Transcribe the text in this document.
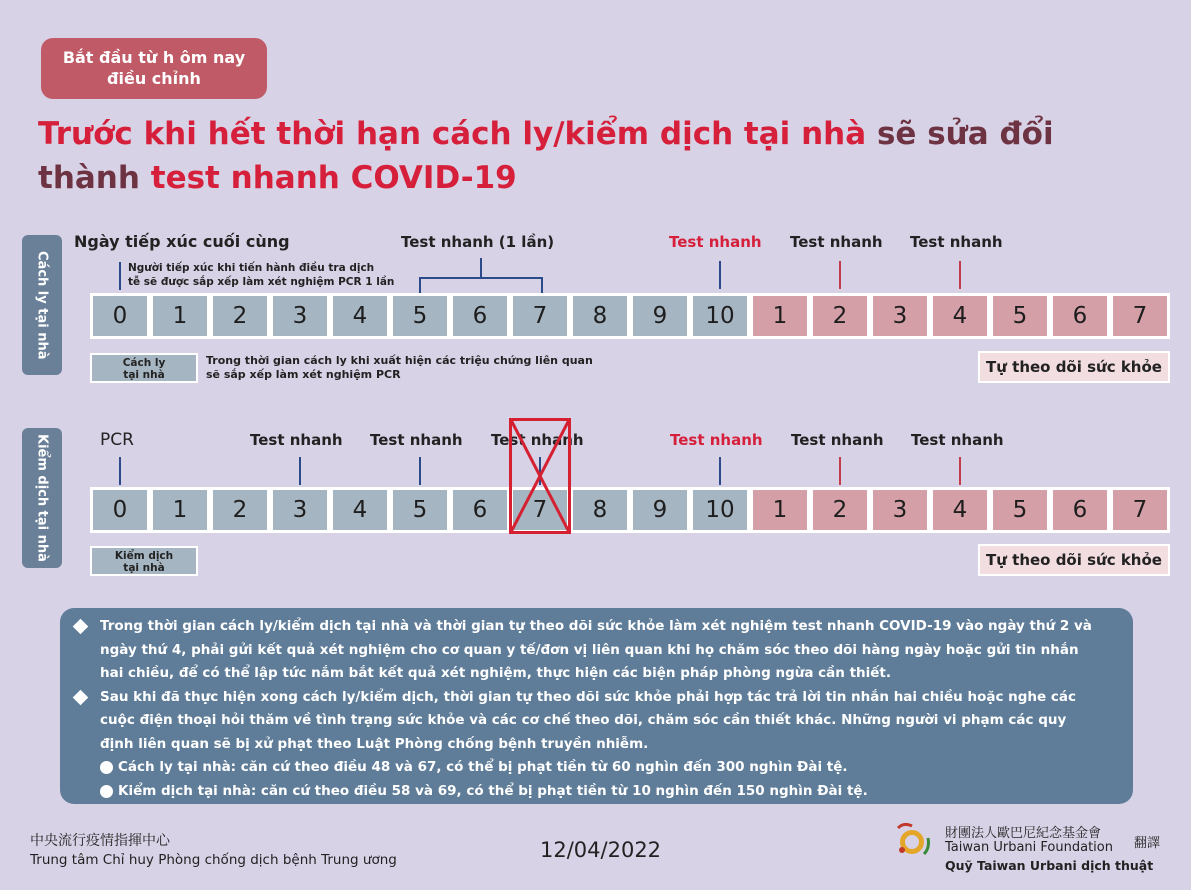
Bắt đầu từ h ôm nay
điều chỉnh
Trước khi hết thời hạn cách ly/kiểm dịch tại nhà sẽ sửa đổi
thành test nhanh COVID-19
Cách ly tại nhà
Ngày tiếp xúc cuối cùng
Người tiếp xúc khi tiến hành điều tra dịch
tễ sẽ được sắp xếp làm xét nghiệm PCR 1 lần
Test nhanh (1 lần)	Test nhanh Test nhanh Test nhanh
0	1	2	3	4	5	6	7	8	9	10	1	2	3	4	5	6	7
Cách ly
tại nhà
Trong thời gian cách ly khi xuất hiện các triệu chứng liên quan
sẽ sắp xếp làm xét nghiệm PCR	Tự theo dõi sức khỏe
Kiểm dịch tại nhà	PCR	Test nhanh Test nhanh Test nhanh	Test nhanh Test nhanh Test nhanh
0	1	2	3	4	5	6	7	8	9	10	1	2	3	4	5	6	7
Kiểm dịch
tại nhà	Tự theo dõi sức khỏe
Trong thời gian cách ly/kiểm dịch tại nhà và thời gian tự theo dõi sức khỏe làm xét nghiệm test nhanh COVID-19 vào ngày thứ 2 và
ngày thứ 4, phải gửi kết quả xét nghiệm cho cơ quan y tế/đơn vị liên quan khi họ chăm sóc theo dõi hàng ngày hoặc gửi tin nhắn
hai chiều, để có thể lập tức nắm bắt kết quả xét nghiệm, thực hiện các biện pháp phòng ngừa cần thiết.
Sau khi đã thực hiện xong cách ly/kiểm dịch, thời gian tự theo dõi sức khỏe phải hợp tác trả lời tin nhắn hai chiều hoặc nghe các
cuộc điện thoại hỏi thăm về tình trạng sức khỏe và các cơ chế theo dõi, chăm sóc cần thiết khác. Những người vi phạm các quy
định liên quan sẽ bị xử phạt theo Luật Phòng chống bệnh truyền nhiễm.
Cách ly tại nhà: căn cứ theo điều 48 và 67, có thể bị phạt tiền từ 60 nghìn đến 300 nghìn Đài tệ.
Kiểm dịch tại nhà: căn cứ theo điều 58 và 69, có thể bị phạt tiền từ 10 nghìn đến 150 nghìn Đài tệ.
中央流行疫情指揮中心
Trung tâm Chỉ huy Phòng chống dịch bệnh Trung ương	12/04/2022
財團法人歐巴尼紀念基金會
Taiwan Urbani Foundation
Quỹ Taiwan Urbani dịch thuật
翻譯
